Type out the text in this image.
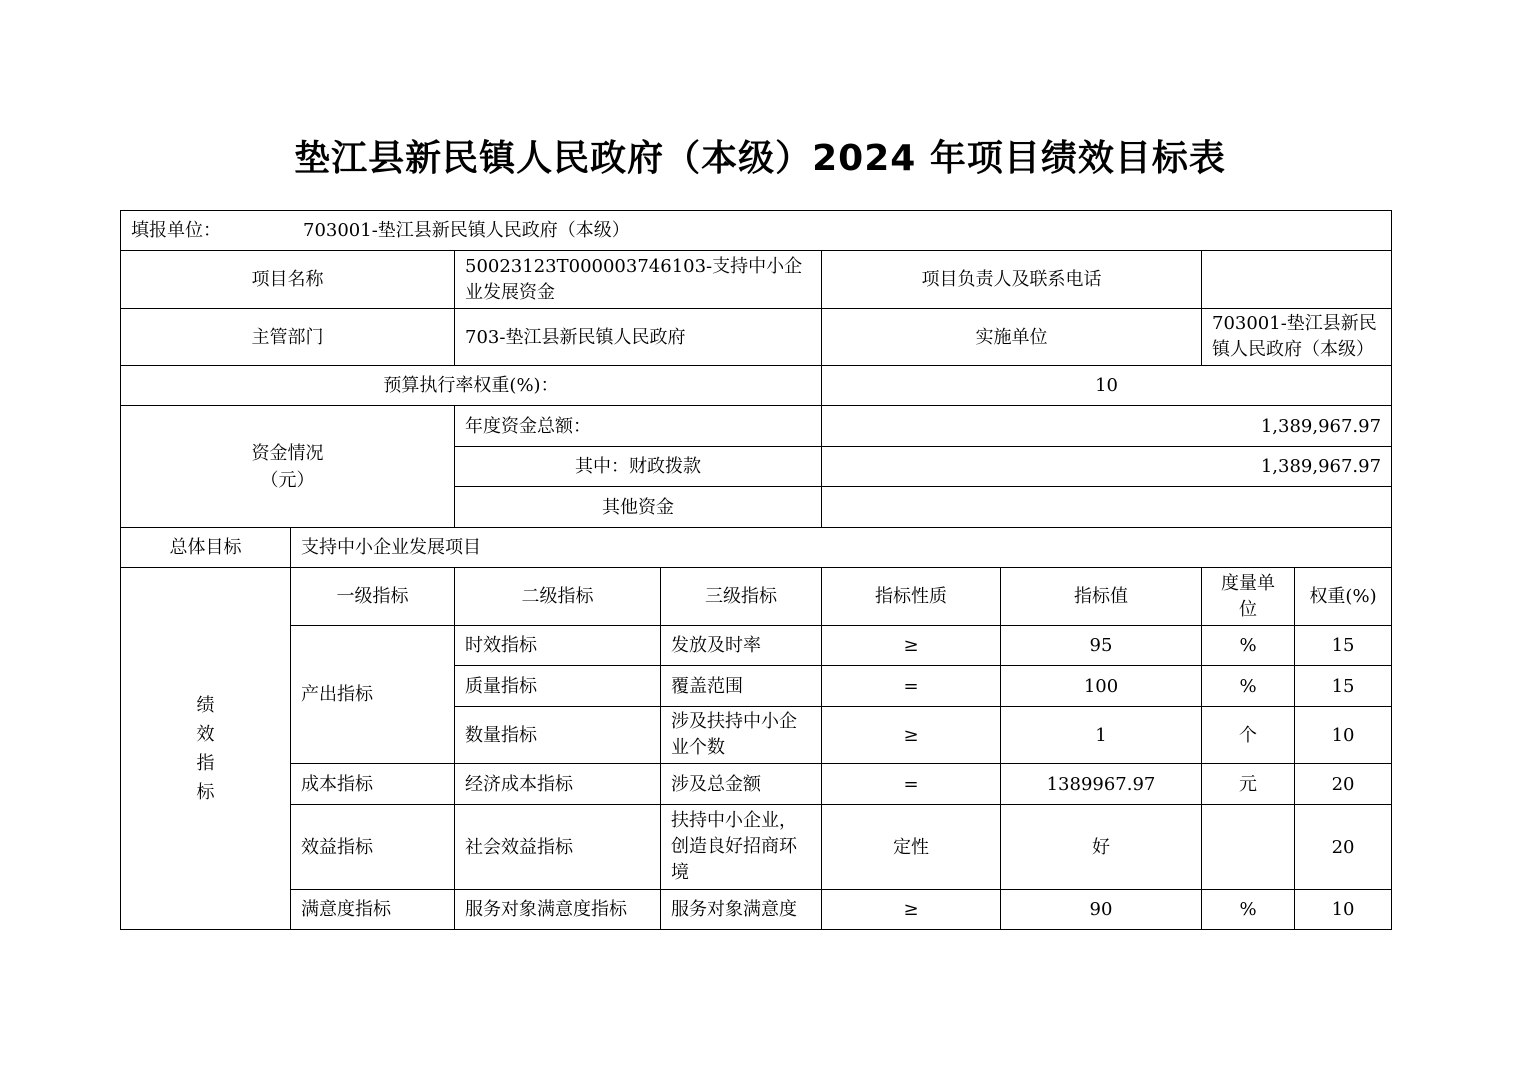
垫江县新民镇人民政府（本级）2024 年项目绩效目标表
填报单位： 703001-垫江县新民镇人民政府（本级）							
项目名称		50023123T000003746103-支持中小企业发展资金		项目负责人及联系电话			
主管部门		703-垫江县新民镇人民政府		实施单位		703001-垫江县新民镇人民政府（本级）	
预算执行率权重(%)：				10			
资金情况（元）		年度资金总额：		1,389,967.97			
		其中：财政拨款		1,389,967.97			
		其他资金					
总体目标	支持中小企业发展项目						
绩效指标	一级指标	二级指标	三级指标	指标性质	指标值	度量单位	权重(%)
	产出指标	时效指标	发放及时率	≥	95	%	15
		质量指标	覆盖范围	=	100	%	15
		数量指标	涉及扶持中小企业个数	≥	1	个	10
	成本指标	经济成本指标	涉及总金额	=	1389967.97	元	20
	效益指标	社会效益指标	扶持中小企业，创造良好招商环境	定性	好		20
	满意度指标	服务对象满意度指标	服务对象满意度	≥	90	%	10
